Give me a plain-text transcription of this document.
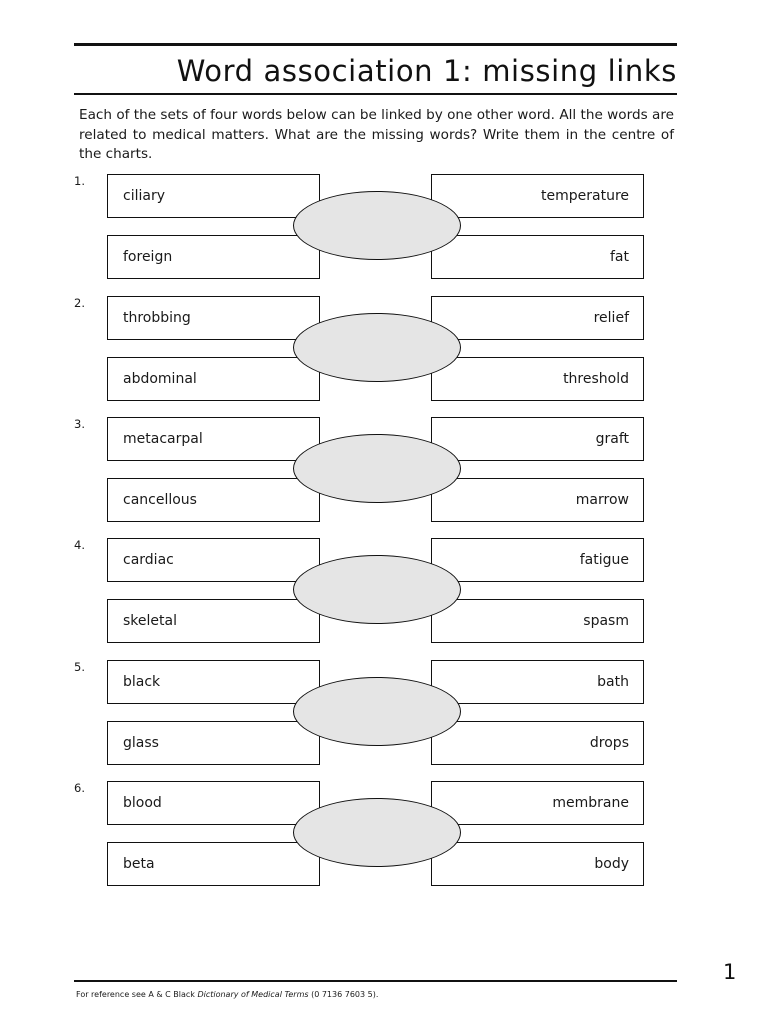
Word association 1: missing links
Each of the sets of four words below can be linked by one other word. All the words are related to medical matters. What are the missing words? Write them in the centre of the charts.
1.
ciliary
foreign
temperature
fat
2.
throbbing
abdominal
relief
threshold
3.
metacarpal
cancellous
graft
marrow
4.
cardiac
skeletal
fatigue
spasm
5.
black
glass
bath
drops
6.
blood
beta
membrane
body
1
For reference see A & C Black Dictionary of Medical Terms (0 7136 7603 5).
